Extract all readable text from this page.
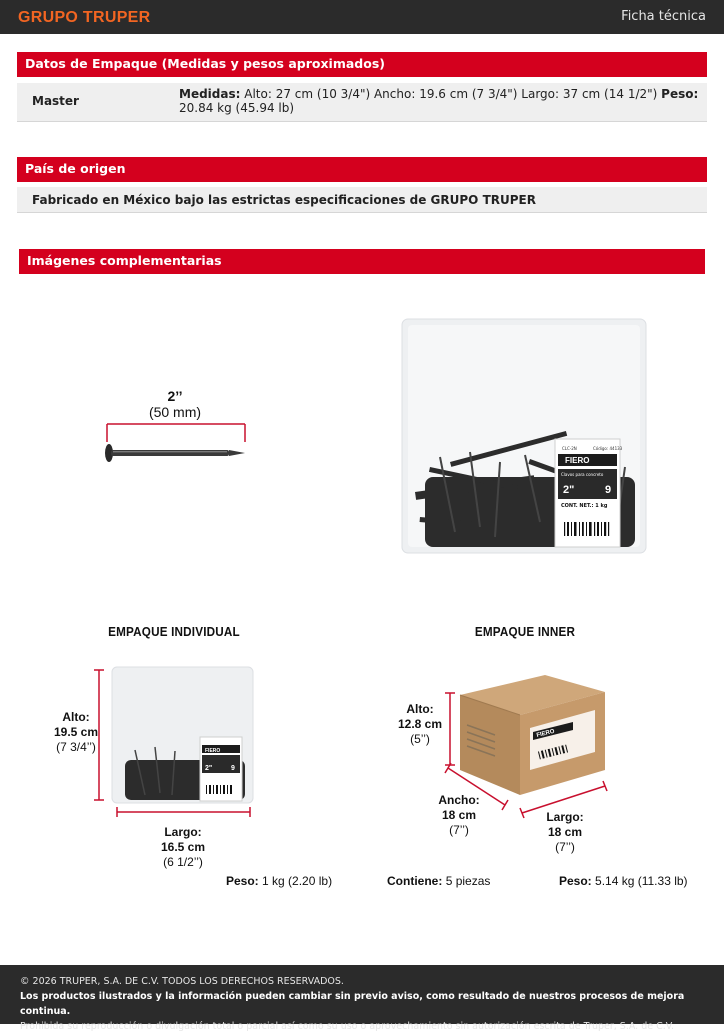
GRUPO TRUPER	Ficha técnica
Datos de Empaque (Medidas y pesos aproximados)
Master	Medidas: Alto: 27 cm (10 3/4") Ancho: 19.6 cm (7 3/4") Largo: 37 cm (14 1/2") Peso: 20.84 kg (45.94 lb)
País de origen
Fabricado en México bajo las estrictas especificaciones de GRUPO TRUPER
Imágenes complementarias
2’’
(50 mm)
CLC-2N	Código: 44133
FIERO
Clavos para concreto
2"	9
CONT. NET.: 1 kg
EMPAQUE INDIVIDUAL	EMPAQUE INNER
FIERO
2"	9
Alto:
19.5 cm
(7 3/4’’)
Largo:
16.5 cm
(6 1/2’’)
FIERO
Alto:
12.8 cm
(5’’)
Ancho:
18 cm
(7’’)
Largo:
18 cm
(7’’)
Peso: 1 kg (2.20 lb)	Contiene: 5 piezas	Peso: 5.14 kg (11.33 lb)
© 2026 TRUPER, S.A. DE C.V. TODOS LOS DERECHOS RESERVADOS.
Los productos ilustrados y la información pueden cambiar sin previo aviso, como resultado de nuestros procesos de mejora continua.
Prohibida su reproducción o divulgación total o parcial así como su uso o aprovechamiento sin autorización escrita de Truper, S.A. de C.V.
